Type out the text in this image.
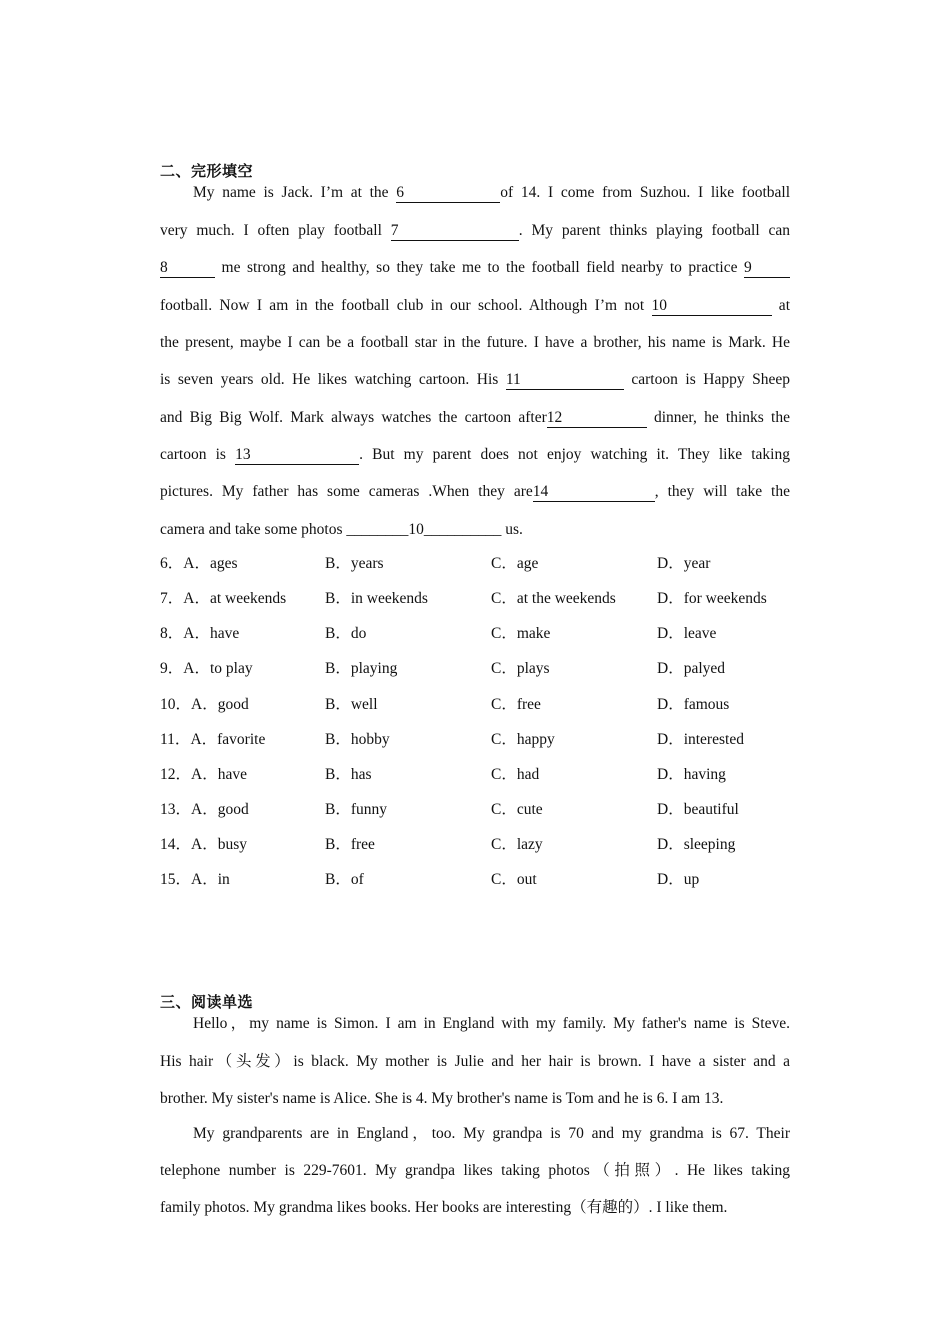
二、完形填空
My name is Jack. I’m at the 6	of 14. I come from Suzhou. I like football
very much. I often play football 7	. My parent thinks playing football can
8	me strong and healthy, so they take me to the football field nearby to practice 9
football. Now I am in the football club in our school. Although I’m not 10	at
the present, maybe I can be a football star in the future. I have a brother, his name is Mark. He
is seven years old. He likes watching cartoon. His 11	cartoon is Happy Sheep
and Big Big Wolf. Mark always watches the cartoon after12	dinner, he thinks the
cartoon is 13	. But my parent does not enjoy watching it. They like taking
pictures. My father has some cameras .When they are14	, they will take the
camera and take some photos ________10__________ us.
6．A．ages	B．years	C．age	D．year
7．A．at weekends	B．in weekends	C．at the weekends	D．for weekends
8．A．have	B．do	C．make	D．leave
9．A．to play	B．playing	C．plays	D．palyed
10．A．good	B．well	C．free	D．famous
11．A．favorite	B．hobby	C．happy	D．interested
12．A．have	B．has	C．had	D．having
13．A．good	B．funny	C．cute	D．beautiful
14．A．busy	B．free	C．lazy	D．sleeping
15．A．in	B．of	C．out	D．up
三、阅读单选
Hello，my name is Simon. I am in England with my family. My father's name is Steve.
His hair（头发）is black. My mother is Julie and her hair is brown. I have a sister and a
brother. My sister's name is Alice. She is 4. My brother's name is Tom and he is 6. I am 13.
My grandparents are in England，too. My grandpa is 70 and my grandma is 67. Their
telephone number is 229-7601. My grandpa likes taking photos（拍照）. He likes taking
family photos. My grandma likes books. Her books are interesting（有趣的）. I like them.
